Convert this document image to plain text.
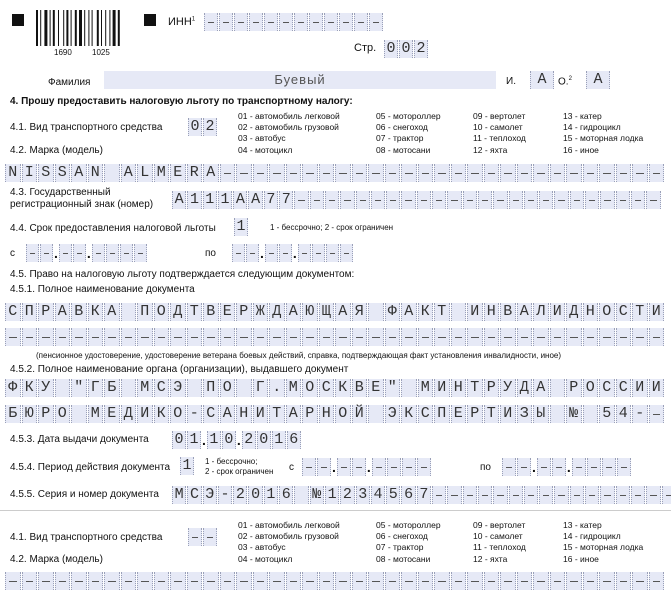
1690	1025
ИНН$^1$
Стр. 0 0 2
Фамилия	Буевый	И.	А	О.$^2$	А
4. Прошу предоставить налоговую льготу по транспортному налогу:
4.1. Вид транспортного средства 0 2
01 - автомобиль легковой
02 - автомобиль грузовой
03 - автобус
04 - мотоцикл
05 - мотороллер
06 - снегоход
07 - трактор
08 - мотосани
09 - вертолет
10 - самолет
11 - теплоход
12 - яхта
13 - катер
14 - гидроцикл
15 - моторная лодка
16 - иное
4.2. Марка (модель)
N I S S A N A L M E R A
4.3. Государственный
регистрационный знак (номер) A 1 1 1 A A 7 7
4.4. Срок предоставления налоговой льготы 1	1 - бессрочно; 2 - срок ограничен
с	. .	по	. .
4.5. Право на налоговую льготу подтверждается следующим документом:
4.5.1. Полное наименование документа
С П Р А В К А П О Д Т В Е Р Ж Д А Ю Щ А Я Ф А К Т И Н В А Л И Д Н О С Т И
(пенсионное удостоверение, удостоверение ветерана боевых действий, справка, подтверждающая факт установления инвалидности, иное)
4.5.2. Полное наименование органа (организации), выдавшего документ
Ф К У " Г Б М С Э П О Г . М О С К В Е " М И Н Т Р У Д А Р О С С И И
Б Ю Р О М Е Д И К О - С А Н И Т А Р Н О Й Э К С П Е Р Т И З Ы № 5 4 -
4.5.3. Дата выдачи документа 0 1 . 1 0 . 2 0 1 6
4.5.4. Период действия документа 1	1 - бессрочно;
2 - срок ограничен с	. .	по	. .
4.5.5. Серия и номер документа М С Э - 2 0 1 6 № 1 2 3 4 5 6 7
4.1. Вид транспортного средства
01 - автомобиль легковой
02 - автомобиль грузовой
03 - автобус
04 - мотоцикл
05 - мотороллер
06 - снегоход
07 - трактор
08 - мотосани
09 - вертолет
10 - самолет
11 - теплоход
12 - яхта
13 - катер
14 - гидроцикл
15 - моторная лодка
16 - иное
4.2. Марка (модель)
